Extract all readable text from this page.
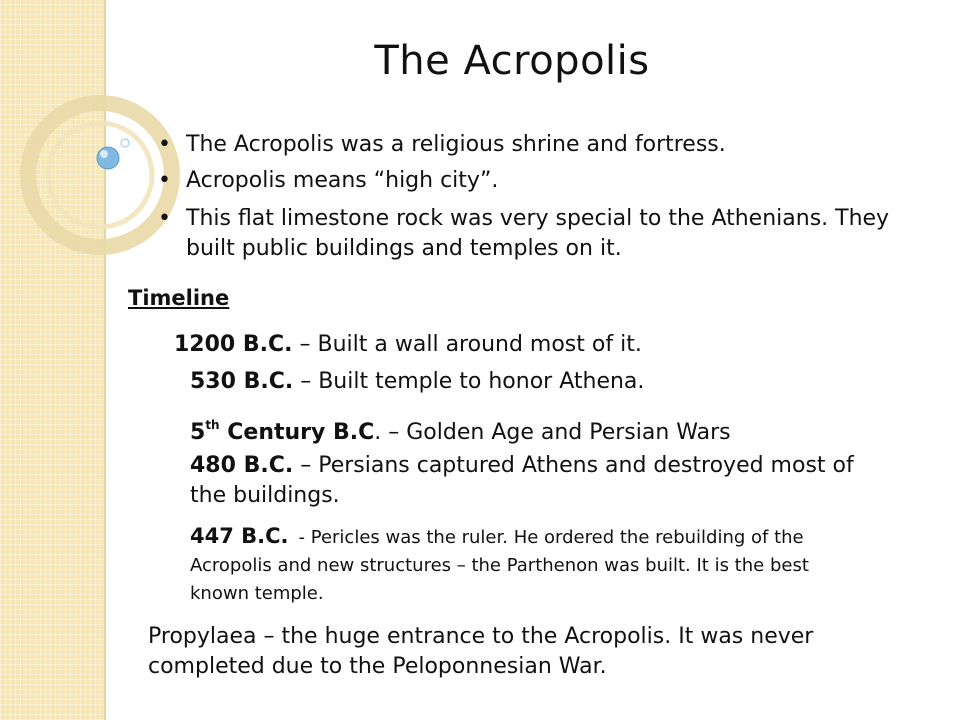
The Acropolis
• The Acropolis was a religious shrine and fortress.
• Acropolis means “high city”.
• This flat limestone rock was very special to the Athenians. They built public buildings and temples on it.
Timeline
1200 B.C. – Built a wall around most of it.
530 B.C. – Built temple to honor Athena.
5th Century B.C. – Golden Age and Persian Wars
480 B.C. – Persians captured Athens and destroyed most of the buildings.
447 B.C. - Pericles was the ruler. He ordered the rebuilding of the Acropolis and new structures – the Parthenon was built. It is the best known temple.
Propylaea – the huge entrance to the Acropolis. It was never completed due to the Peloponnesian War.
